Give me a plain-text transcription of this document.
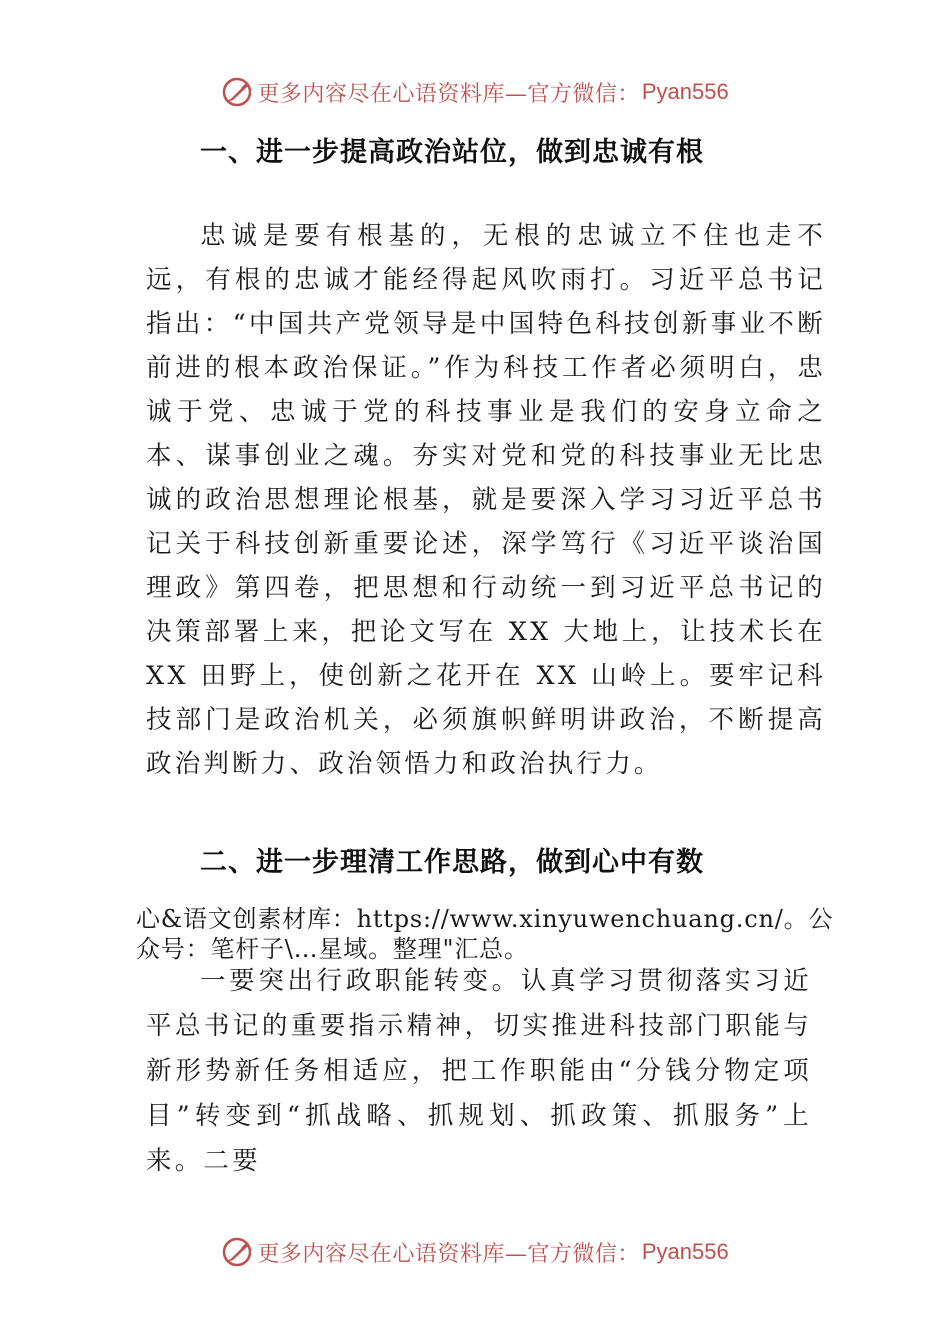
更多内容尽在心语资料库—官方微信： Pyan556
一、进一步提高政治站位，做到忠诚有根

忠诚是要有根基的，无根的忠诚立不住也走不远，有根的忠诚才能经得起风吹雨打。习近平总书记指出：“中国共产党领导是中国特色科技创新事业不断前进的根本政治保证。”作为科技工作者必须明白，忠诚于党、忠诚于党的科技事业是我们的安身立命之本、谋事创业之魂。夯实对党和党的科技事业无比忠诚的政治思想理论根基，就是要深入学习习近平总书记关于科技创新重要论述，深学笃行《习近平谈治国理政》第四卷，把思想和行动统一到习近平总书记的决策部署上来，把论文写在 XX 大地上，让技术长在 XX 田野上，使创新之花开在 XX 山岭上。要牢记科技部门是政治机关，必须旗帜鲜明讲政治，不断提高政治判断力、政治领悟力和政治执行力。

二、进一步理清工作思路，做到心中有数

心&语文创素材库：https://www.xinyuwenchuang.cn/。公众号：笔杆子\…星域。整理"汇总。

一要突出行政职能转变。认真学习贯彻落实习近平总书记的重要指示精神，切实推进科技部门职能与新形势新任务相适应，把工作职能由“分钱分物定项目”转变到“抓战略、抓规划、抓政策、抓服务”上来。二要

更多内容尽在心语资料库—官方微信： Pyan556
